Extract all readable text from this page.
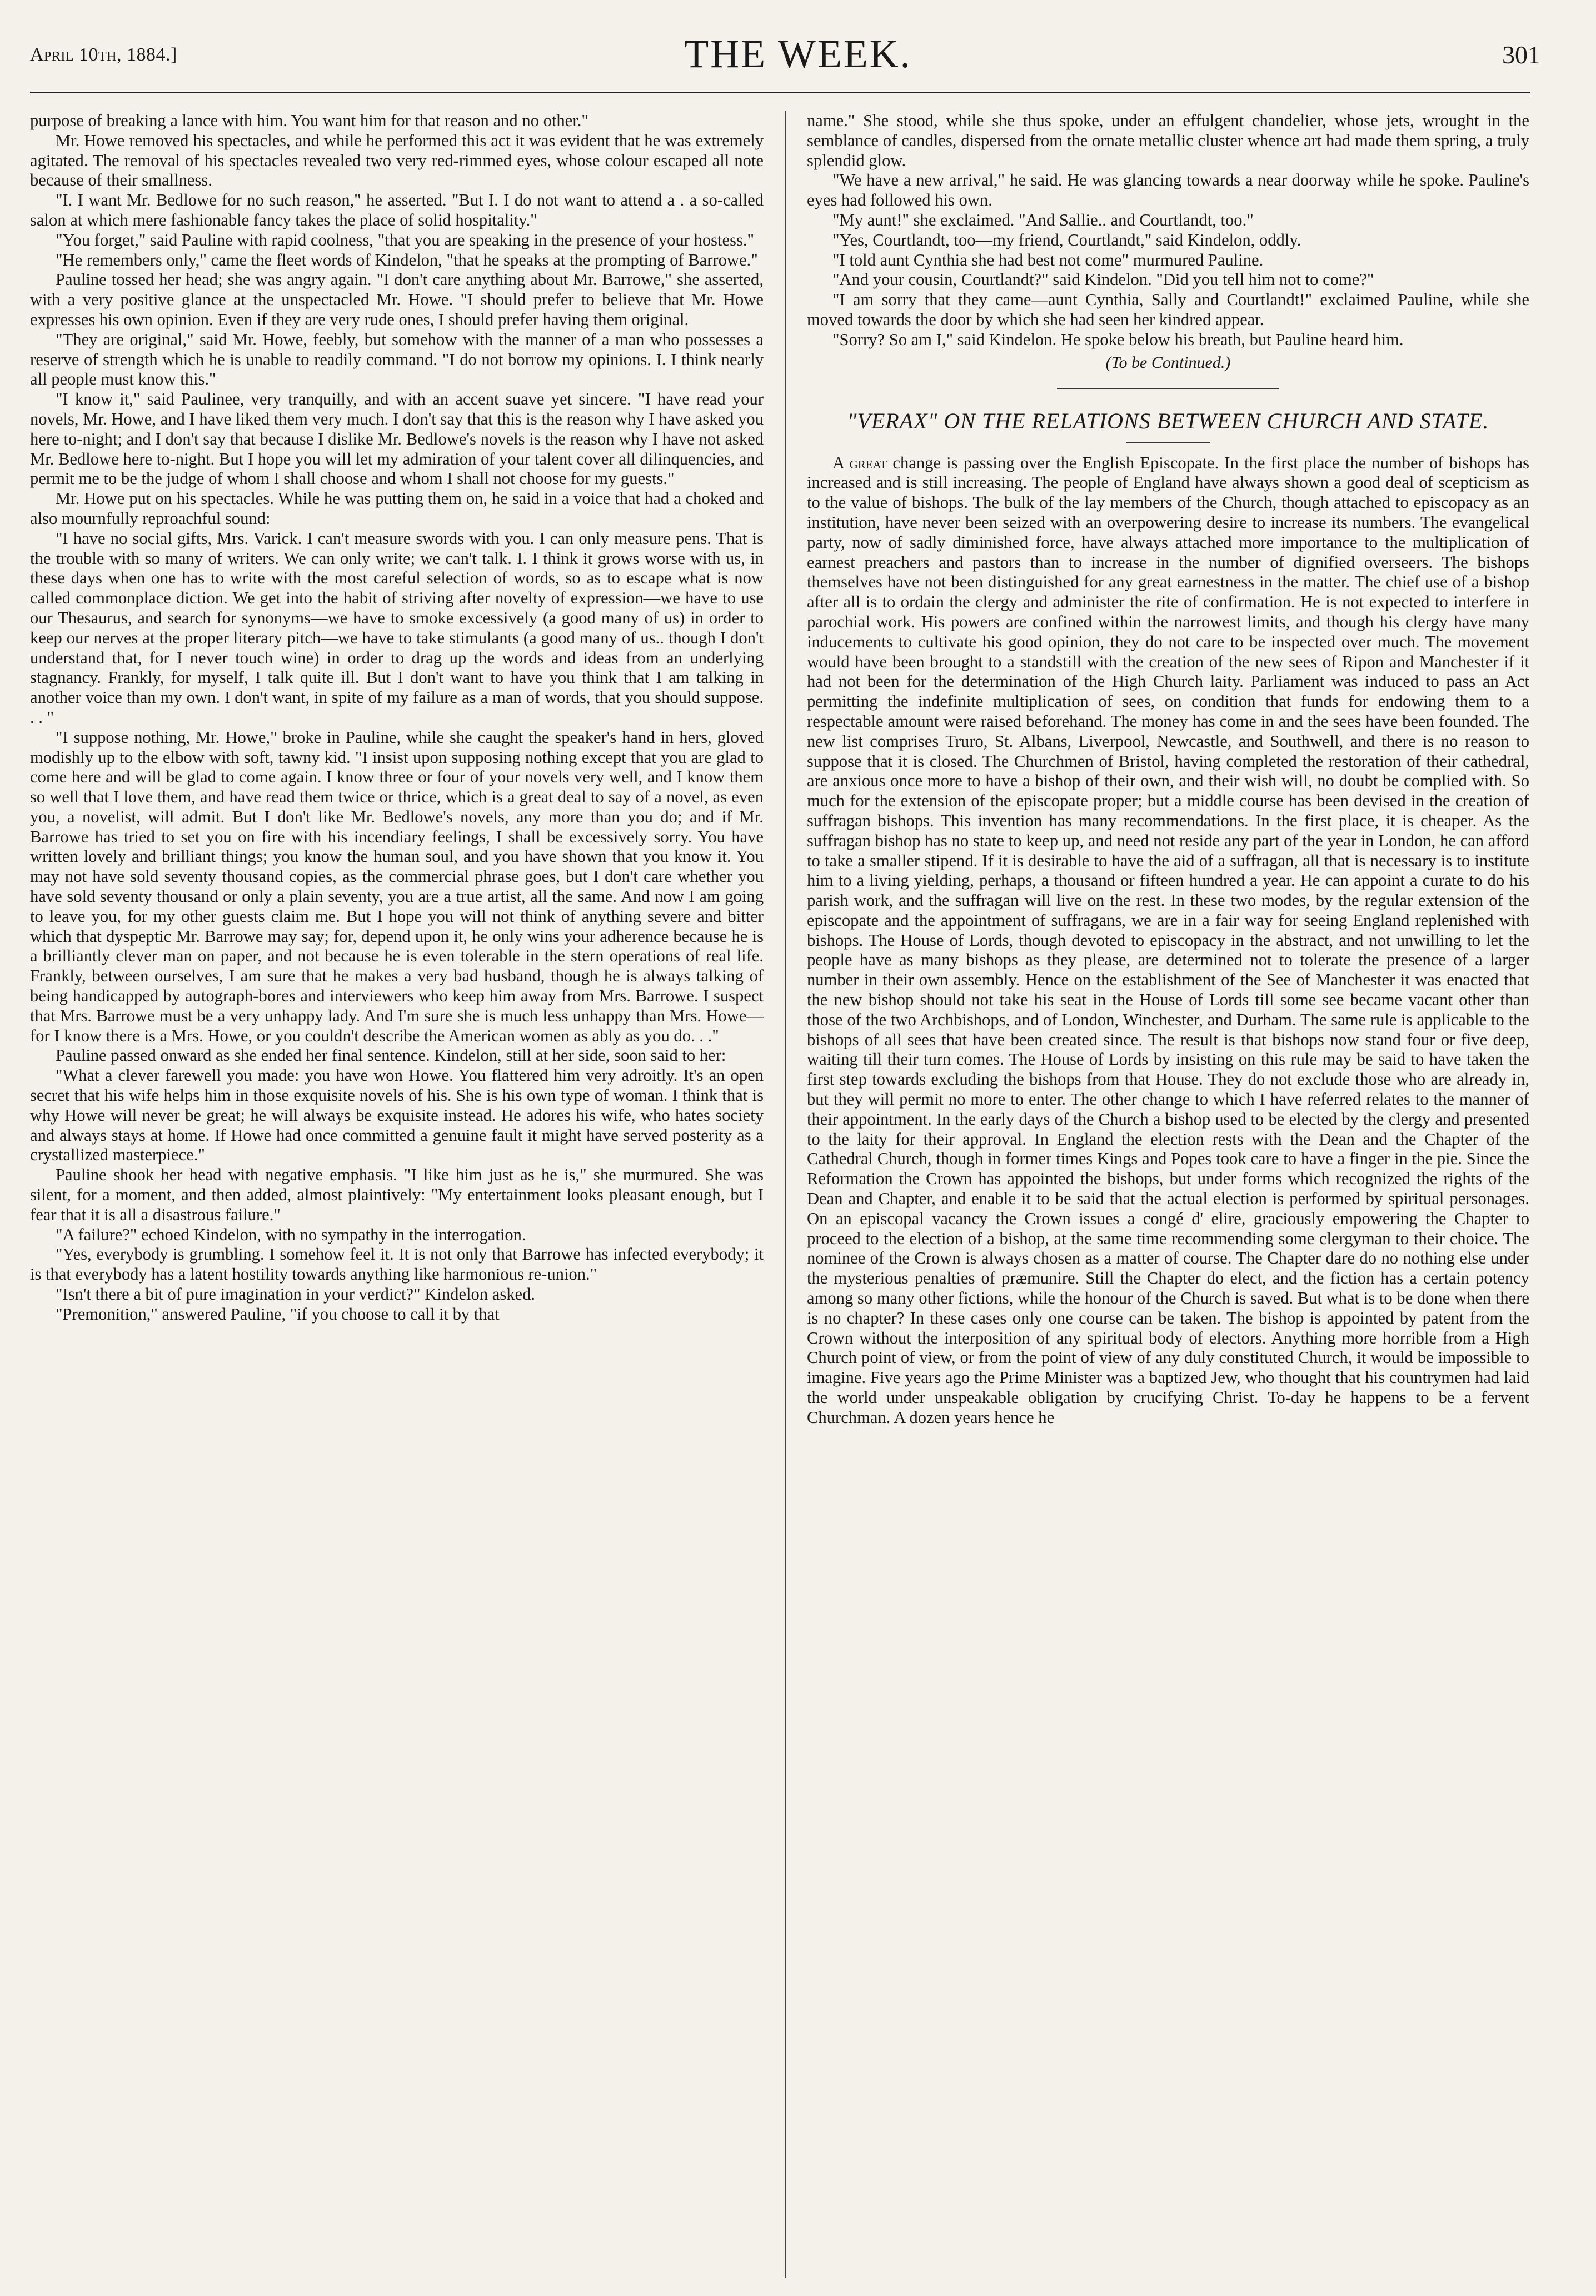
April 10th, 1884.]	THE WEEK.	301

purpose of breaking a lance with him. You want him for that reason and no other."

Mr. Howe removed his spectacles, and while he performed this act it was evident that he was extremely agitated. The removal of his spectacles revealed two very red-rimmed eyes, whose colour escaped all note because of their smallness.

"I. I want Mr. Bedlowe for no such reason," he asserted. "But I. I do not want to attend a . a so-called salon at which mere fashionable fancy takes the place of solid hospitality."

"You forget," said Pauline with rapid coolness, "that you are speaking in the presence of your hostess."

"He remembers only," came the fleet words of Kindelon, "that he speaks at the prompting of Barrowe."

Pauline tossed her head; she was angry again. "I don't care anything about Mr. Barrowe," she asserted, with a very positive glance at the unspectacled Mr. Howe. "I should prefer to believe that Mr. Howe expresses his own opinion. Even if they are very rude ones, I should prefer having them original.

"They are original," said Mr. Howe, feebly, but somehow with the manner of a man who possesses a reserve of strength which he is unable to readily command. "I do not borrow my opinions. I. I think nearly all people must know this."

"I know it," said Paulinee, very tranquilly, and with an accent suave yet sincere. "I have read your novels, Mr. Howe, and I have liked them very much. I don't say that this is the reason why I have asked you here to-night; and I don't say that because I dislike Mr. Bedlowe's novels is the reason why I have not asked Mr. Bedlowe here to-night. But I hope you will let my admiration of your talent cover all dilinquencies, and permit me to be the judge of whom I shall choose and whom I shall not choose for my guests."

Mr. Howe put on his spectacles. While he was putting them on, he said in a voice that had a choked and also mournfully reproachful sound:

"I have no social gifts, Mrs. Varick. I can't measure swords with you. I can only measure pens. That is the trouble with so many of writers. We can only write; we can't talk. I. I think it grows worse with us, in these days when one has to write with the most careful selection of words, so as to escape what is now called commonplace diction. We get into the habit of striving after novelty of expression—we have to use our Thesaurus, and search for synonyms—we have to smoke excessively (a good many of us) in order to keep our nerves at the proper literary pitch—we have to take stimulants (a good many of us.. though I don't understand that, for I never touch wine) in order to drag up the words and ideas from an underlying stagnancy. Frankly, for myself, I talk quite ill. But I don't want to have you think that I am talking in another voice than my own. I don't want, in spite of my failure as a man of words, that you should suppose. . . "

"I suppose nothing, Mr. Howe," broke in Pauline, while she caught the speaker's hand in hers, gloved modishly up to the elbow with soft, tawny kid. "I insist upon supposing nothing except that you are glad to come here and will be glad to come again. I know three or four of your novels very well, and I know them so well that I love them, and have read them twice or thrice, which is a great deal to say of a novel, as even you, a novelist, will admit. But I don't like Mr. Bedlowe's novels, any more than you do; and if Mr. Barrowe has tried to set you on fire with his incendiary feelings, I shall be excessively sorry. You have written lovely and brilliant things; you know the human soul, and you have shown that you know it. You may not have sold seventy thousand copies, as the commercial phrase goes, but I don't care whether you have sold seventy thousand or only a plain seventy, you are a true artist, all the same. And now I am going to leave you, for my other guests claim me. But I hope you will not think of anything severe and bitter which that dyspeptic Mr. Barrowe may say; for, depend upon it, he only wins your adherence because he is a brilliantly clever man on paper, and not because he is even tolerable in the stern operations of real life. Frankly, between ourselves, I am sure that he makes a very bad husband, though he is always talking of being handicapped by autograph-bores and interviewers who keep him away from Mrs. Barrowe. I suspect that Mrs. Barrowe must be a very unhappy lady. And I'm sure she is much less unhappy than Mrs. Howe—for I know there is a Mrs. Howe, or you couldn't describe the American women as ably as you do. . ."

Pauline passed onward as she ended her final sentence. Kindelon, still at her side, soon said to her:

"What a clever farewell you made: you have won Howe. You flattered him very adroitly. It's an open secret that his wife helps him in those exquisite novels of his. She is his own type of woman. I think that is why Howe will never be great; he will always be exquisite instead. He adores his wife, who hates society and always stays at home. If Howe had once committed a genuine fault it might have served posterity as a crystallized masterpiece."

Pauline shook her head with negative emphasis. "I like him just as he is," she murmured. She was silent, for a moment, and then added, almost plaintively: "My entertainment looks pleasant enough, but I fear that it is all a disastrous failure."

"A failure?" echoed Kindelon, with no sympathy in the interrogation.

"Yes, everybody is grumbling. I somehow feel it. It is not only that Barrowe has infected everybody; it is that everybody has a latent hostility towards anything like harmonious re-union."

"Isn't there a bit of pure imagination in your verdict?" Kindelon asked.

"Premonition," answered Pauline, "if you choose to call it by that

name." She stood, while she thus spoke, under an effulgent chandelier, whose jets, wrought in the semblance of candles, dispersed from the ornate metallic cluster whence art had made them spring, a truly splendid glow.

"We have a new arrival," he said. He was glancing towards a near doorway while he spoke. Pauline's eyes had followed his own.

"My aunt!" she exclaimed. "And Sallie.. and Courtlandt, too."

"Yes, Courtlandt, too—my friend, Courtlandt," said Kindelon, oddly.

"I told aunt Cynthia she had best not come" murmured Pauline.

"And your cousin, Courtlandt?" said Kindelon. "Did you tell him not to come?"

"I am sorry that they came—aunt Cynthia, Sally and Courtlandt!" exclaimed Pauline, while she moved towards the door by which she had seen her kindred appear.

"Sorry? So am I," said Kindelon. He spoke below his breath, but Pauline heard him.

(To be Continued.)
"VERAX" ON THE RELATIONS BETWEEN CHURCH AND STATE.

A great change is passing over the English Episcopate. In the first place the number of bishops has increased and is still increasing. The people of England have always shown a good deal of scepticism as to the value of bishops. The bulk of the lay members of the Church, though attached to episcopacy as an institution, have never been seized with an overpowering desire to increase its numbers. The evangelical party, now of sadly diminished force, have always attached more importance to the multiplication of earnest preachers and pastors than to increase in the number of dignified overseers. The bishops themselves have not been distinguished for any great earnestness in the matter. The chief use of a bishop after all is to ordain the clergy and administer the rite of confirmation. He is not expected to interfere in parochial work. His powers are confined within the narrowest limits, and though his clergy have many inducements to cultivate his good opinion, they do not care to be inspected over much. The movement would have been brought to a standstill with the creation of the new sees of Ripon and Manchester if it had not been for the determination of the High Church laity. Parliament was induced to pass an Act permitting the indefinite multiplication of sees, on condition that funds for endowing them to a respectable amount were raised beforehand. The money has come in and the sees have been founded. The new list comprises Truro, St. Albans, Liverpool, Newcastle, and Southwell, and there is no reason to suppose that it is closed. The Churchmen of Bristol, having completed the restoration of their cathedral, are anxious once more to have a bishop of their own, and their wish will, no doubt be complied with. So much for the extension of the episcopate proper; but a middle course has been devised in the creation of suffragan bishops. This invention has many recommendations. In the first place, it is cheaper. As the suffragan bishop has no state to keep up, and need not reside any part of the year in London, he can afford to take a smaller stipend. If it is desirable to have the aid of a suffragan, all that is necessary is to institute him to a living yielding, perhaps, a thousand or fifteen hundred a year. He can appoint a curate to do his parish work, and the suffragan will live on the rest. In these two modes, by the regular extension of the episcopate and the appointment of suffragans, we are in a fair way for seeing England replenished with bishops. The House of Lords, though devoted to episcopacy in the abstract, and not unwilling to let the people have as many bishops as they please, are determined not to tolerate the presence of a larger number in their own assembly. Hence on the establishment of the See of Manchester it was enacted that the new bishop should not take his seat in the House of Lords till some see became vacant other than those of the two Archbishops, and of London, Winchester, and Durham. The same rule is applicable to the bishops of all sees that have been created since. The result is that bishops now stand four or five deep, waiting till their turn comes. The House of Lords by insisting on this rule may be said to have taken the first step towards excluding the bishops from that House. They do not exclude those who are already in, but they will permit no more to enter. The other change to which I have referred relates to the manner of their appointment. In the early days of the Church a bishop used to be elected by the clergy and presented to the laity for their approval. In England the election rests with the Dean and the Chapter of the Cathedral Church, though in former times Kings and Popes took care to have a finger in the pie. Since the Reformation the Crown has appointed the bishops, but under forms which recognized the rights of the Dean and Chapter, and enable it to be said that the actual election is performed by spiritual personages. On an episcopal vacancy the Crown issues a congé d' elire, graciously empowering the Chapter to proceed to the election of a bishop, at the same time recommending some clergyman to their choice. The nominee of the Crown is always chosen as a matter of course. The Chapter dare do no nothing else under the mysterious penalties of præmunire. Still the Chapter do elect, and the fiction has a certain potency among so many other fictions, while the honour of the Church is saved. But what is to be done when there is no chapter? In these cases only one course can be taken. The bishop is appointed by patent from the Crown without the interposition of any spiritual body of electors. Anything more horrible from a High Church point of view, or from the point of view of any duly constituted Church, it would be impossible to imagine. Five years ago the Prime Minister was a baptized Jew, who thought that his countrymen had laid the world under unspeakable obligation by crucifying Christ. To-day he happens to be a fervent Churchman. A dozen years hence he
